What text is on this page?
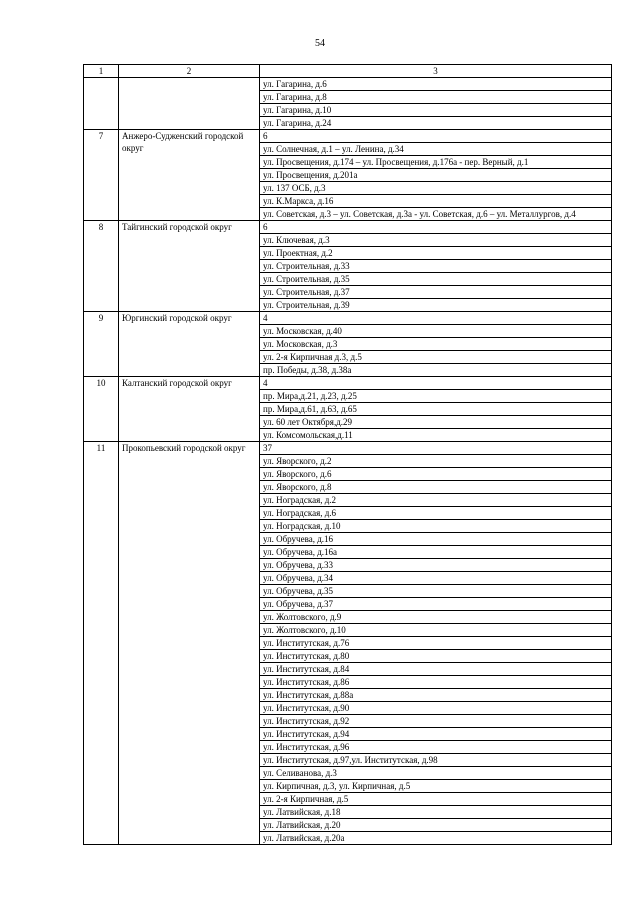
54
1	2	3
		ул. Гагарина, д.6
		ул. Гагарина, д.8
		ул. Гагарина, д.10
		ул. Гагарина, д.24
7	Анжеро-Судженский городской округ	6
		ул. Солнечная, д.1 – ул. Ленина, д.34
		ул. Просвещения, д.174 – ул. Просвещения, д.176а - пер. Верный, д.1
		ул. Просвещения, д.201а
		ул. 137 ОСБ, д.3
		ул. К.Маркса, д.16
		ул. Советская, д.3 – ул. Советская, д.3а - ул. Советская, д.6 – ул. Металлургов, д.4
8	Тайгинский городской округ	6
		ул. Ключевая, д.3
		ул. Проектная, д.2
		ул. Строительная, д.33
		ул. Строительная, д.35
		ул. Строительная, д.37
		ул. Строительная, д.39
9	Юргинский городской округ	4
		ул. Московская, д.40
		ул. Московская, д.3
		ул. 2-я Кирпичная д.3, д.5
		пр. Победы, д.38, д.38а
10	Калтанский городской округ	4
		пр. Мира,д.21, д.23, д.25
		пр. Мира,д.61, д.63, д.65
		ул. 60 лет Октября,д.29
		ул. Комсомольская,д.11
11	Прокопьевский городской округ	37
		ул. Яворского, д.2
		ул. Яворского, д.6
		ул. Яворского, д.8
		ул. Ноградская, д.2
		ул. Ноградская, д.6
		ул. Ноградская, д.10
		ул. Обручева, д.16
		ул. Обручева, д.16а
		ул. Обручева, д.33
		ул. Обручева, д.34
		ул. Обручева, д.35
		ул. Обручева, д.37
		ул. Жолтовского, д.9
		ул. Жолтовского, д.10
		ул. Институтская, д.76
		ул. Институтская, д.80
		ул. Институтская, д.84
		ул. Институтская, д.86
		ул. Институтская, д.88а
		ул. Институтская, д.90
		ул. Институтская, д.92
		ул. Институтская, д.94
		ул. Институтская, д.96
		ул. Институтская, д.97,ул. Институтская, д.98
		ул. Селиванова, д.3
		ул. Кирпичная, д.3, ул. Кирпичная, д.5
		ул. 2-я Кирпичная, д.5
		ул. Латвийская, д.18
		ул. Латвийская, д.20
		ул. Латвийская, д.20а
